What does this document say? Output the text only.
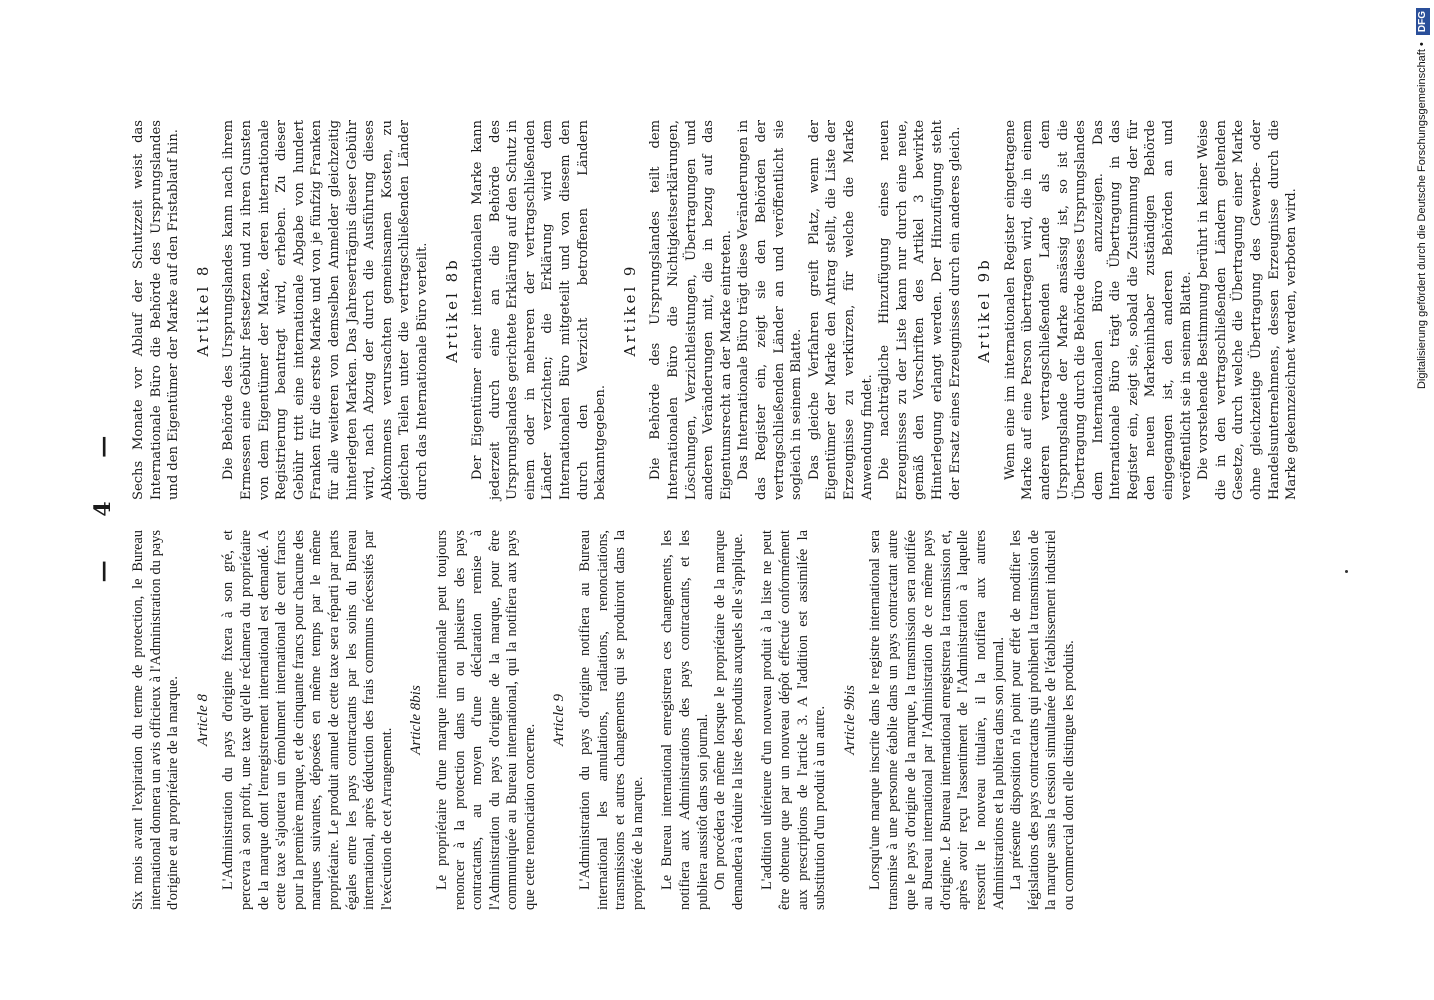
— 4 —

Six mois avant l'expiration du terme de protection, le Bureau international donnera un avis officieux à l'Administration du pays d'origine et au propriétaire de la marque. Article 8 L'Administration du pays d'origine fixera à son gré, et percevra à son profit, une taxe qu'elle réclamera du propriétaire de la marque dont l'enregistrement international est demandé. A cette taxe s'ajoutera un émolument international de cent francs pour la première marque, et de cinquante francs pour chacune des marques suivantes, déposées en même temps par le même propriétaire. Le produit annuel de cette taxe sera réparti par parts égales entre les pays contractants par les soins du Bureau international, après déduction des frais communs nécessités par l'exécution de cet Arrangement.

Article 8bis Le propriétaire d'une marque internationale peut toujours renoncer à la protection dans un ou plusieurs des pays contractants, au moyen d'une déclaration remise à l'Administration du pays d'origine de la marque, pour être communiquée au Bureau international, qui la notifiera aux pays que cette renonciation concerne.

Article 9 L'Administration du pays d'origine notifiera au Bureau international les annulations, radiations, renonciations, transmissions et autres changements qui se produiront dans la propriété de la marque. Le Bureau international enregistrera ces changements, les notifiera aux Administrations des pays contractants, et les publiera aussitôt dans son journal. On procédera de même lorsque le propriétaire de la marque demandera à réduire la liste des produits auxquels elle s'applique. L'addition ultérieure d'un nouveau produit à la liste ne peut être obtenue que par un nouveau dépôt effectué conformément aux prescriptions de l'article 3. A l'addition est assimilée la substitution d'un produit à un autre. Article 9bis Lorsqu'une marque inscrite dans le registre international sera transmise à une personne établie dans un pays contractant autre que le pays d'origine de la marque, la transmission sera notifiée au Bureau international par l'Administration de ce même pays d'origine. Le Bureau international enregistrera la transmission et, après avoir reçu l'assentiment de l'Administration à laquelle ressortit le nouveau titulaire, il la notifiera aux autres Administrations et la publiera dans son journal. La présente disposition n'a point pour effet de modifier les législations des pays contractants qui prohibent la transmission de la marque sans la cession simultanée de l'établissement industriel ou commercial dont elle distingue les produits.

Sechs Monate vor Ablauf der Schutzzeit weist das Internationale Büro die Behörde des Ursprungslandes und den Eigentümer der Marke auf den Fristablauf hin. Artikel 8 Die Behörde des Ursprungslandes kann nach ihrem Ermessen eine Gebühr festsetzen und zu ihren Gunsten von dem Eigentümer der Marke, deren internationale Registrierung beantragt wird, erheben. Zu dieser Gebühr tritt eine internationale Abgabe von hundert Franken für die erste Marke und von je fünfzig Franken für alle weiteren von demselben Anmelder gleichzeitig hinterlegten Marken. Das Jahreserträgnis dieser Gebühr wird, nach Abzug der durch die Ausführung dieses Abkommens verursachten gemeinsamen Kosten, zu gleichen Teilen unter die vertragschließenden Länder durch das Internationale Büro verteilt. Artikel 8b Der Eigentümer einer internationalen Marke kann jederzeit durch eine an die Behörde des Ursprungslandes gerichtete Erklärung auf den Schutz in einem oder in mehreren der vertragschließenden Länder verzichten; die Erklärung wird dem Internationalen Büro mitgeteilt und von diesem den durch den Verzicht betroffenen Ländern bekanntgegeben.

Artikel 9 Die Behörde des Ursprungslandes teilt dem Internationalen Büro die Nichtigkeitserklärungen, Löschungen, Verzichtleistungen, Übertragungen und anderen Veränderungen mit, die in bezug auf das Eigentumsrecht an der Marke eintreten. Das Internationale Büro trägt diese Veränderungen in das Register ein, zeigt sie den Behörden der vertragschließenden Länder an und veröffentlicht sie sogleich in seinem Blatte. Das gleiche Verfahren greift Platz, wenn der Eigentümer der Marke den Antrag stellt, die Liste der Erzeugnisse zu verkürzen, für welche die Marke Anwendung findet. Die nachträgliche Hinzufügung eines neuen Erzeugnisses zu der Liste kann nur durch eine neue, gemäß den Vorschriften des Artikel 3 bewirkte Hinterlegung erlangt werden. Der Hinzufügung steht der Ersatz eines Erzeugnisses durch ein anderes gleich. Artikel 9b Wenn eine im internationalen Register eingetragene Marke auf eine Person übertragen wird, die in einem anderen vertragschließenden Lande als dem Ursprungslande der Marke ansässig ist, so ist die Übertragung durch die Behörde dieses Ursprungslandes dem Internationalen Büro anzuzeigen. Das Internationale Büro trägt die Übertragung in das Register ein, zeigt sie, sobald die Zustimmung der für den neuen Markeninhaber zuständigen Behörde eingegangen ist, den anderen Behörden an und veröffentlicht sie in seinem Blatte. Die vorstehende Bestimmung berührt in keiner Weise die in den vertragschließenden Ländern geltenden Gesetze, durch welche die Übertragung einer Marke ohne gleichzeitige Übertragung des Gewerbe- oder Handelsunternehmens, dessen Erzeugnisse durch die Marke gekennzeichnet werden, verboten wird.	Digitalisierung gefördert durch die Deutsche Forschungsgemeinschaft • DFG
